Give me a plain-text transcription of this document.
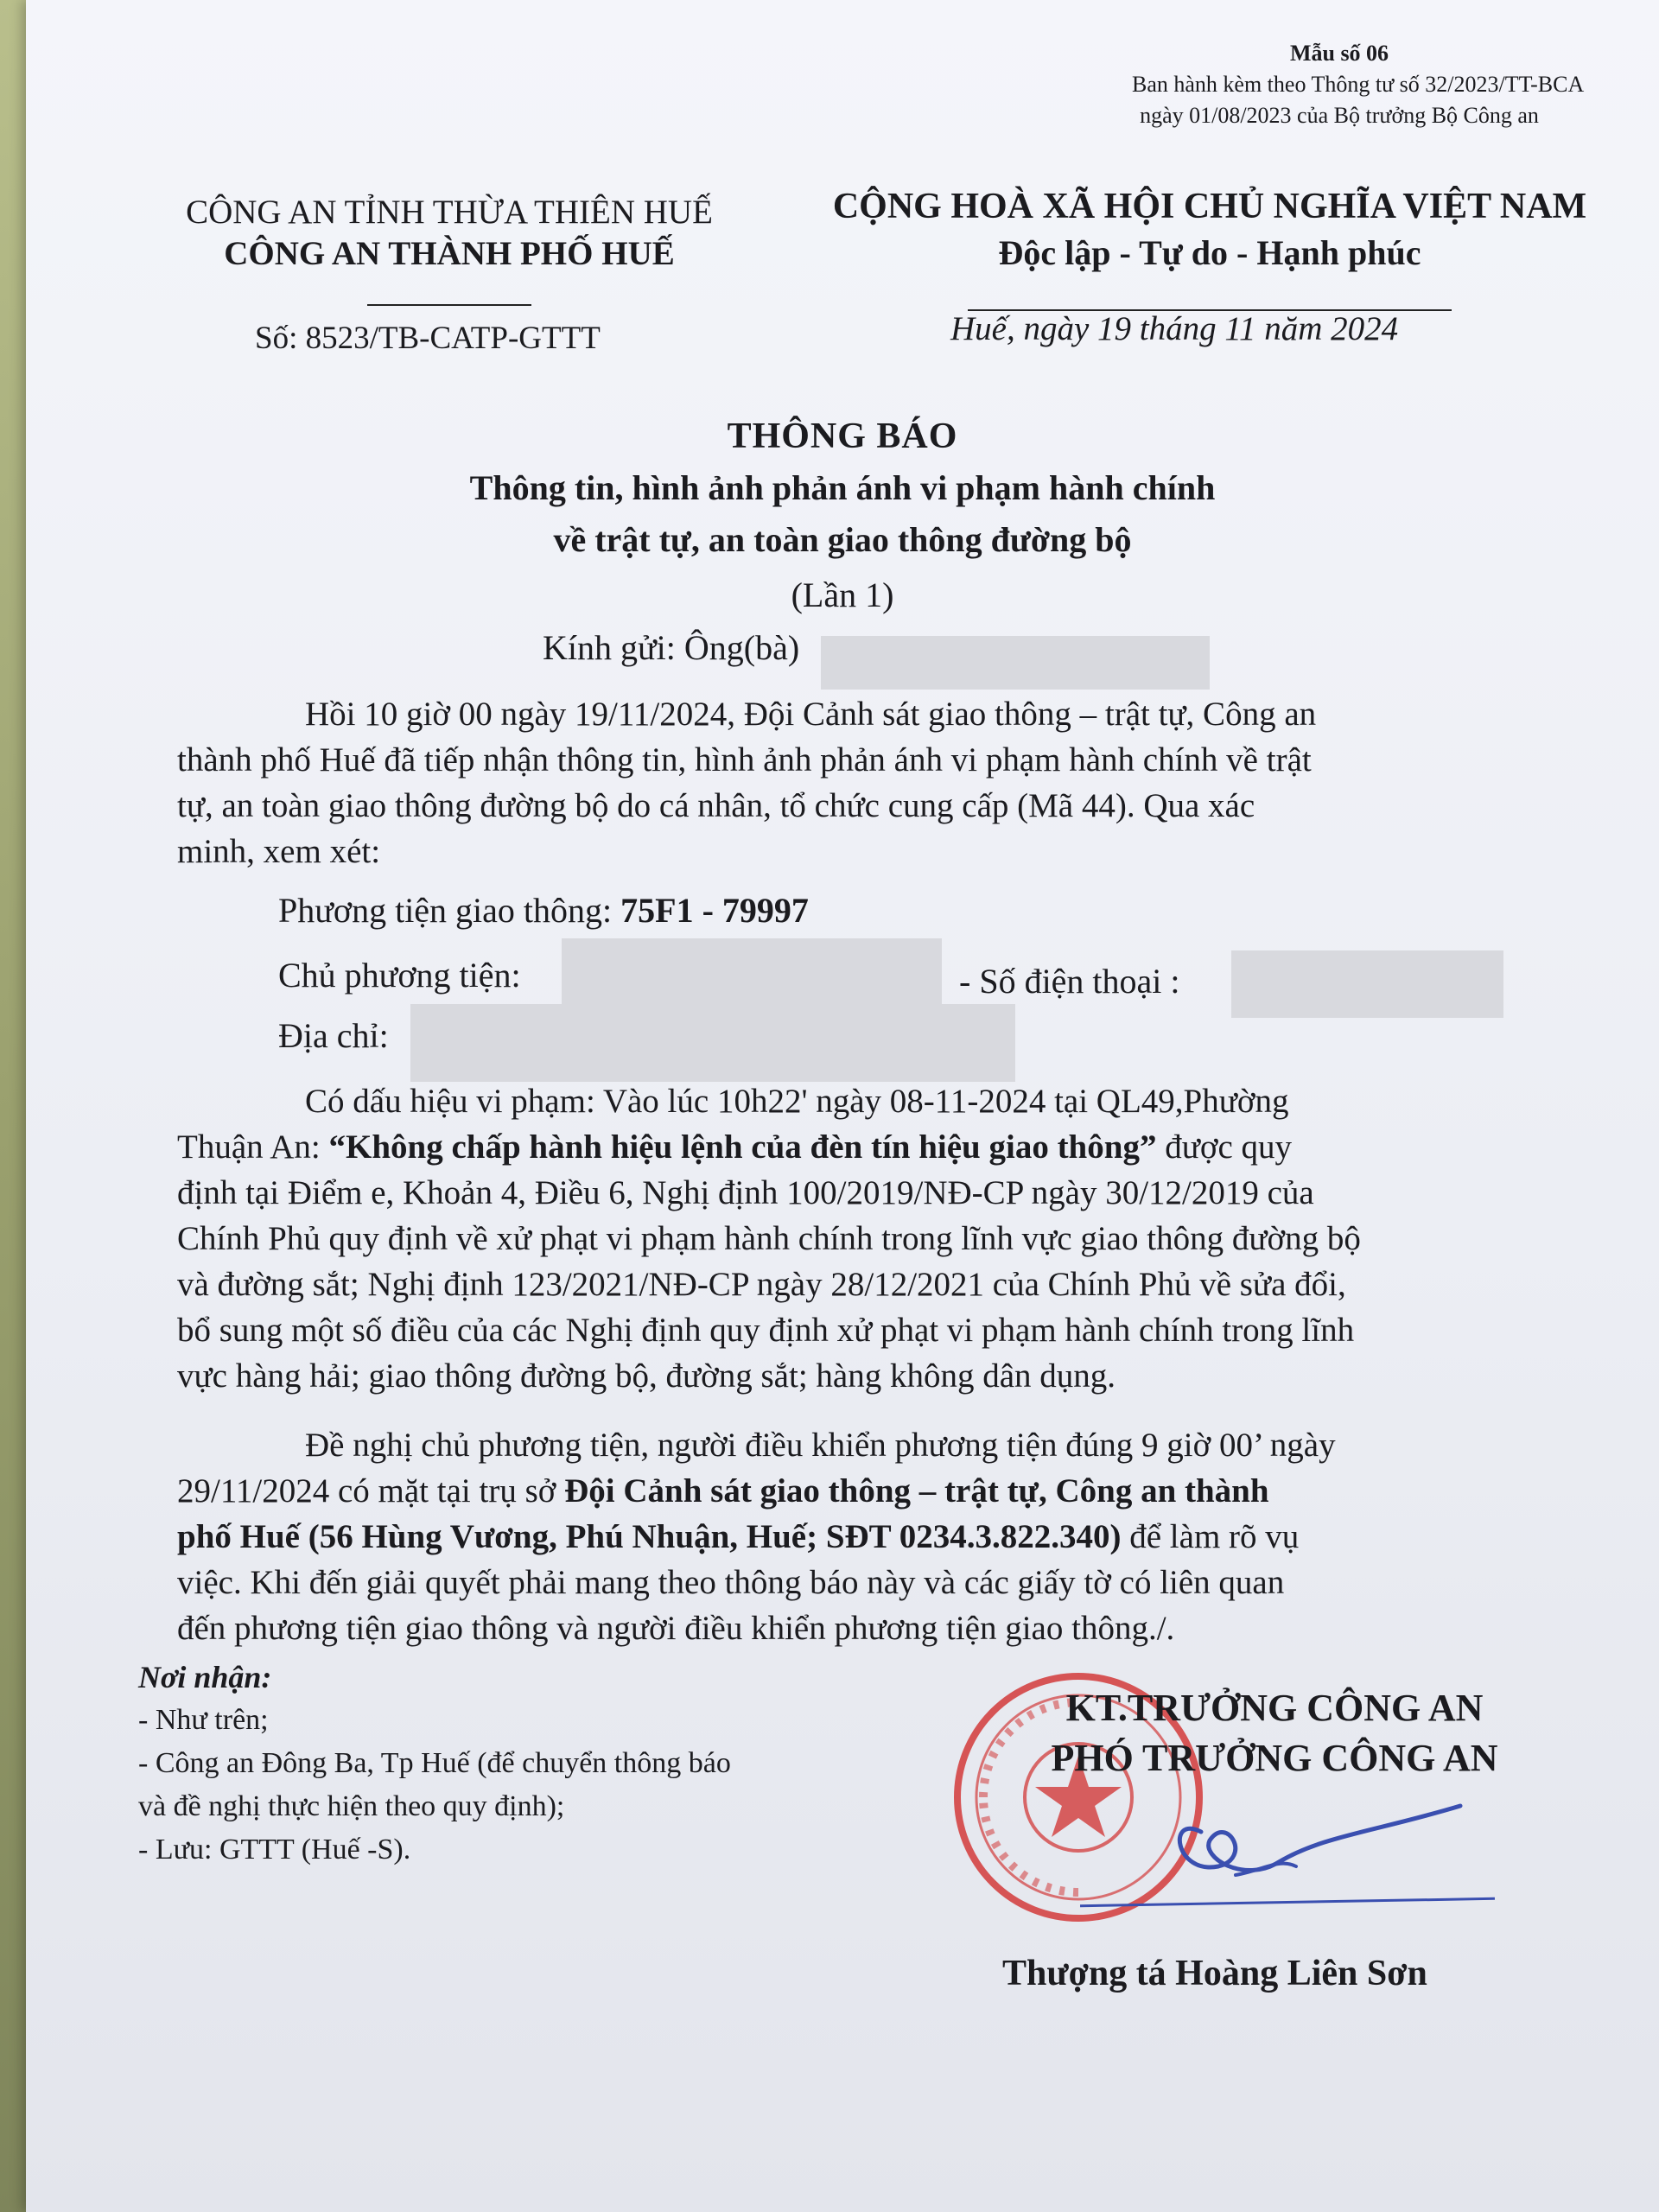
Mẫu số 06
Ban hành kèm theo Thông tư số 32/2023/TT-BCA
ngày 01/08/2023 của Bộ trưởng Bộ Công an
CÔNG AN TỈNH THỪA THIÊN HUẾ
CÔNG AN THÀNH PHỐ HUẾ
CỘNG HOÀ XÃ HỘI CHỦ NGHĨA VIỆT NAM
Độc lập - Tự do - Hạnh phúc
Số: 8523/TB-CATP-GTTT	Huế, ngày 19 tháng 11 năm 2024
THÔNG BÁO
Thông tin, hình ảnh phản ánh vi phạm hành chính
về trật tự, an toàn giao thông đường bộ
(Lần 1)
Kính gửi: Ông(bà)
Hồi 10 giờ 00 ngày 19/11/2024, Đội Cảnh sát giao thông – trật tự, Công an
thành phố Huế đã tiếp nhận thông tin, hình ảnh phản ánh vi phạm hành chính về trật
tự, an toàn giao thông đường bộ do cá nhân, tổ chức cung cấp (Mã 44). Qua xác
minh, xem xét:
Phương tiện giao thông: 75F1 - 79997
Chủ phương tiện:	- Số điện thoại :
Địa chỉ:
Có dấu hiệu vi phạm: Vào lúc 10h22' ngày 08-11-2024 tại QL49,Phường
Thuận An: “Không chấp hành hiệu lệnh của đèn tín hiệu giao thông” được quy
định tại Điểm e, Khoản 4, Điều 6, Nghị định 100/2019/NĐ-CP ngày 30/12/2019 của
Chính Phủ quy định về xử phạt vi phạm hành chính trong lĩnh vực giao thông đường bộ
và đường sắt; Nghị định 123/2021/NĐ-CP ngày 28/12/2021 của Chính Phủ về sửa đổi,
bổ sung một số điều của các Nghị định quy định xử phạt vi phạm hành chính trong lĩnh
vực hàng hải; giao thông đường bộ, đường sắt; hàng không dân dụng.
Đề nghị chủ phương tiện, người điều khiển phương tiện đúng 9 giờ 00’ ngày
29/11/2024 có mặt tại trụ sở Đội Cảnh sát giao thông – trật tự, Công an thành
phố Huế (56 Hùng Vương, Phú Nhuận, Huế; SĐT 0234.3.822.340) để làm rõ vụ
việc. Khi đến giải quyết phải mang theo thông báo này và các giấy tờ có liên quan
đến phương tiện giao thông và người điều khiển phương tiện giao thông./.
Nơi nhận:
- Như trên;
- Công an Đông Ba, Tp Huế (để chuyển thông báo
và đề nghị thực hiện theo quy định);
- Lưu: GTTT (Huế -S).
KT.TRƯỞNG CÔNG AN
PHÓ TRƯỞNG CÔNG AN
Thượng tá Hoàng Liên Sơn
